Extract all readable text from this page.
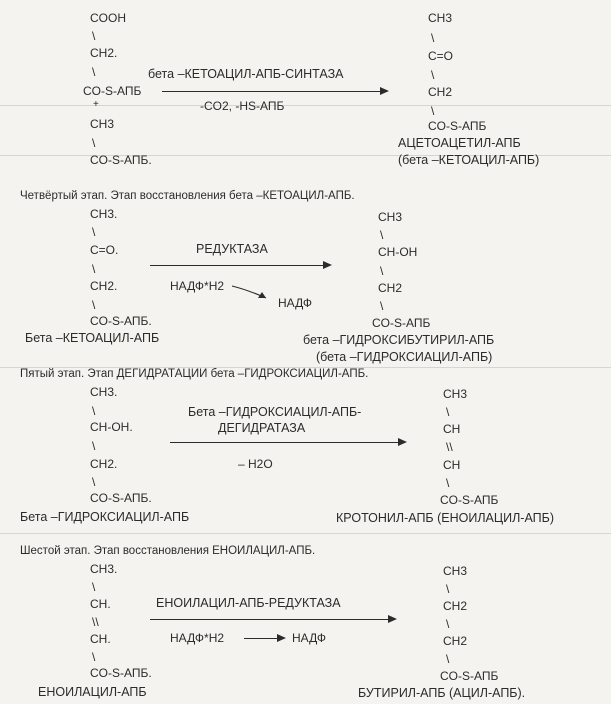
COOH
\
CH2.
\
CO-S-АПБ
+
CH3
\
CO-S-АПБ.
бета –КЕТОАЦИЛ-АПБ-СИНТАЗА
-CO2, -HS-АПБ
CH3
\
C=O
\
CH2
\
CO-S-АПБ
АЦЕТОАЦЕТИЛ-АПБ
(бета –КЕТОАЦИЛ-АПБ)
Четвёртый этап. Этап восстановления бета –КЕТОАЦИЛ-АПБ.
CH3.
\
C=O.
\
CH2.
\
CO-S-АПБ.
Бета –КЕТОАЦИЛ-АПБ
РЕДУКТАЗА
НАДФ*Н2
НАДФ
CH3
\
CH-OH
\
CH2
\
CO-S-АПБ
бета –ГИДРОКСИБУТИРИЛ-АПБ
(бета –ГИДРОКСИАЦИЛ-АПБ)
Пятый этап. Этап ДЕГИДРАТАЦИИ бета –ГИДРОКСИАЦИЛ-АПБ.
CH3.
\
CH-OH.
\
CH2.
\
CO-S-АПБ.
Бета –ГИДРОКСИАЦИЛ-АПБ
Бета –ГИДРОКСИАЦИЛ-АПБ-
ДЕГИДРАТАЗА
– H2O
CH3
\
CH
\\
CH
\
CO-S-АПБ
КРОТОНИЛ-АПБ (ЕНОИЛАЦИЛ-АПБ)
Шестой этап. Этап восстановления ЕНОИЛАЦИЛ-АПБ.
CH3.
\
CH.
\\
CH.
\
CO-S-АПБ.
ЕНОИЛАЦИЛ-АПБ
ЕНОИЛАЦИЛ-АПБ-РЕДУКТАЗА
НАДФ*Н2	НАДФ
CH3
\
CH2
\
CH2
\
CO-S-АПБ
БУТИРИЛ-АПБ (АЦИЛ-АПБ).
